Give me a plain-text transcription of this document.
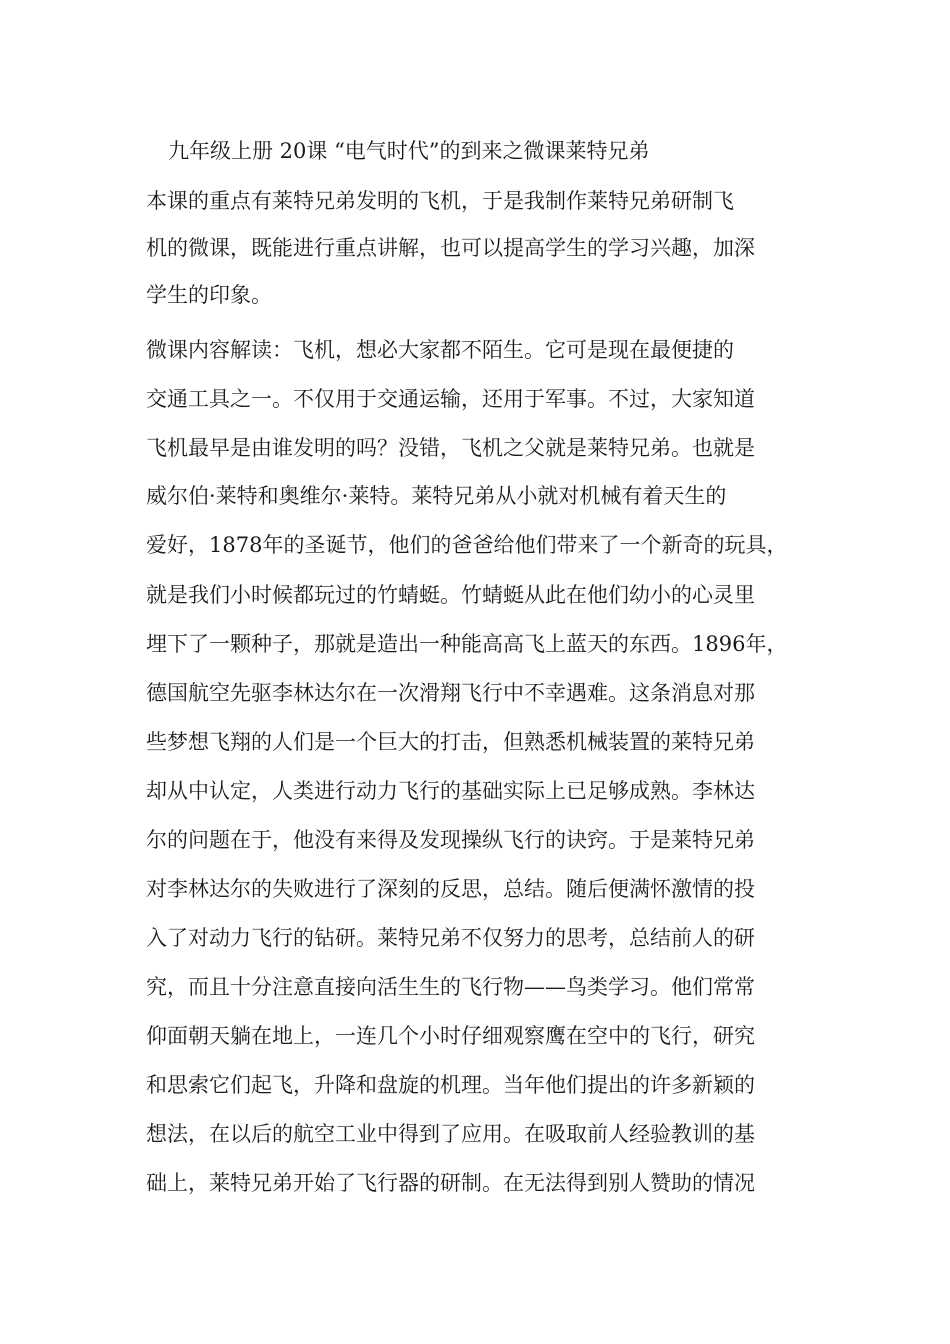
九年级上册 20课 “电气时代”的到来之微课莱特兄弟
本课的重点有莱特兄弟发明的飞机，于是我制作莱特兄弟研制飞
机的微课，既能进行重点讲解，也可以提高学生的学习兴趣，加深
学生的印象。
微课内容解读：飞机，想必大家都不陌生。它可是现在最便捷的
交通工具之一。不仅用于交通运输，还用于军事。不过，大家知道
飞机最早是由谁发明的吗？没错，飞机之父就是莱特兄弟。也就是
威尔伯·莱特和奥维尔·莱特。莱特兄弟从小就对机械有着天生的
爱好，1878年的圣诞节，他们的爸爸给他们带来了一个新奇的玩具，
就是我们小时候都玩过的竹蜻蜓。竹蜻蜓从此在他们幼小的心灵里
埋下了一颗种子，那就是造出一种能高高飞上蓝天的东西。1896年，
德国航空先驱李林达尔在一次滑翔飞行中不幸遇难。这条消息对那
些梦想飞翔的人们是一个巨大的打击，但熟悉机械装置的莱特兄弟
却从中认定，人类进行动力飞行的基础实际上已足够成熟。李林达
尔的问题在于，他没有来得及发现操纵飞行的诀窍。于是莱特兄弟
对李林达尔的失败进行了深刻的反思，总结。随后便满怀激情的投
入了对动力飞行的钻研。莱特兄弟不仅努力的思考，总结前人的研
究，而且十分注意直接向活生生的飞行物——鸟类学习。他们常常
仰面朝天躺在地上，一连几个小时仔细观察鹰在空中的飞行，研究
和思索它们起飞，升降和盘旋的机理。当年他们提出的许多新颖的
想法，在以后的航空工业中得到了应用。在吸取前人经验教训的基
础上，莱特兄弟开始了飞行器的研制。在无法得到别人赞助的情况
